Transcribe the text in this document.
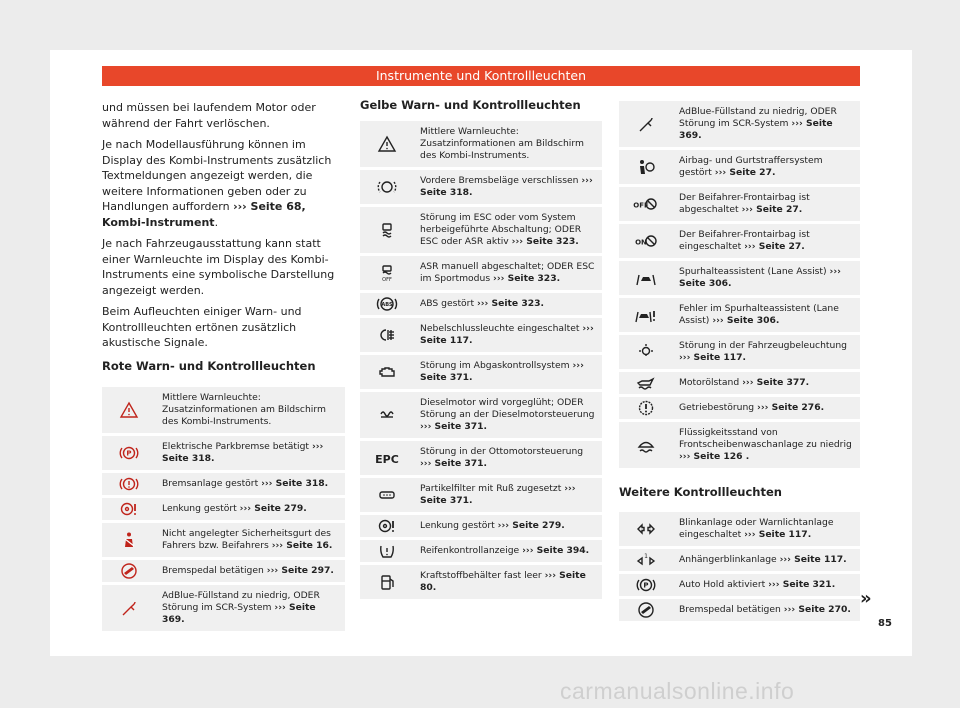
Instrumente und Kontrollleuchten

und müssen bei laufendem Motor oder während der Fahrt verlöschen.

Je nach Modellausführung können im Display des Kombi-Instruments zusätzlich Textmeldungen angezeigt werden, die weitere Informationen geben oder zu Handlungen auffordern ››› Seite 68, Kombi-Instrument.

Je nach Fahrzeugausstattung kann statt einer Warnleuchte im Display des Kombi-Instruments eine symbolische Darstellung angezeigt werden.

Beim Aufleuchten einiger Warn- und Kontrollleuchten ertönen zusätzlich akustische Signale.

Rote Warn- und Kontrollleuchten
	Mittlere Warnleuchte: Zusatzinformationen am Bildschirm des Kombi-Instruments.

P	Elektrische Parkbremse betätigt ››› Seite 318.

	Bremsanlage gestört ››› Seite 318.

	Lenkung gestört ››› Seite 279.

	Nicht angelegter Sicherheitsgurt des Fahrers bzw. Beifahrers ››› Seite 16.

	Bremspedal betätigen ››› Seite 297.

	AdBlue-Füllstand zu niedrig, ODER Störung im SCR-System ››› Seite 369.
Gelbe Warn- und Kontrollleuchten
	Mittlere Warnleuchte: Zusatzinformationen am Bildschirm des Kombi-Instruments.

	Vordere Bremsbeläge verschlissen ››› Seite 318.

	Störung im ESC oder vom System herbeigeführte Abschaltung; ODER ESC oder ASR aktiv ››› Seite 323.

OFF	ASR manuell abgeschaltet; ODER ESC im Sportmodus ››› Seite 323.

ABS	ABS gestört ››› Seite 323.

	Nebelschlussleuchte eingeschaltet ››› Seite 117.

	Störung im Abgaskontrollsystem ››› Seite 371.

	Dieselmotor wird vorgeglüht; ODER Störung an der Dieselmotorsteuerung ››› Seite 371.

EPC	Störung in der Ottomotorsteuerung ››› Seite 371.

	Partikelfilter mit Ruß zugesetzt ››› Seite 371.

	Lenkung gestört ››› Seite 279.

	Reifenkontrollanzeige ››› Seite 394.

	Kraftstoffbehälter fast leer ››› Seite 80.
	AdBlue-Füllstand zu niedrig, ODER Störung im SCR-System ››› Seite 369.

	Airbag- und Gurtstraffersystem gestört ››› Seite 27.

OFF	Der Beifahrer-Frontairbag ist abgeschaltet ››› Seite 27.

ON	Der Beifahrer-Frontairbag ist eingeschaltet ››› Seite 27.

	Spurhalteassistent (Lane Assist) ››› Seite 306.

	Fehler im Spurhalteassistent (Lane Assist) ››› Seite 306.

	Störung in der Fahrzeugbeleuchtung ››› Seite 117.

	Motorölstand ››› Seite 377.

	Getriebestörung ››› Seite 276.

	Flüssigkeitsstand von Frontscheibenwaschanlage zu niedrig ››› Seite 126 .
Weitere Kontrollleuchten
	Blinkanlage oder Warnlichtanlage eingeschaltet ››› Seite 117.

1	Anhängerblinkanlage ››› Seite 117.

P	Auto Hold aktiviert ››› Seite 321.

	Bremspedal betätigen ››› Seite 270.
»
85
carmanualsonline.info
